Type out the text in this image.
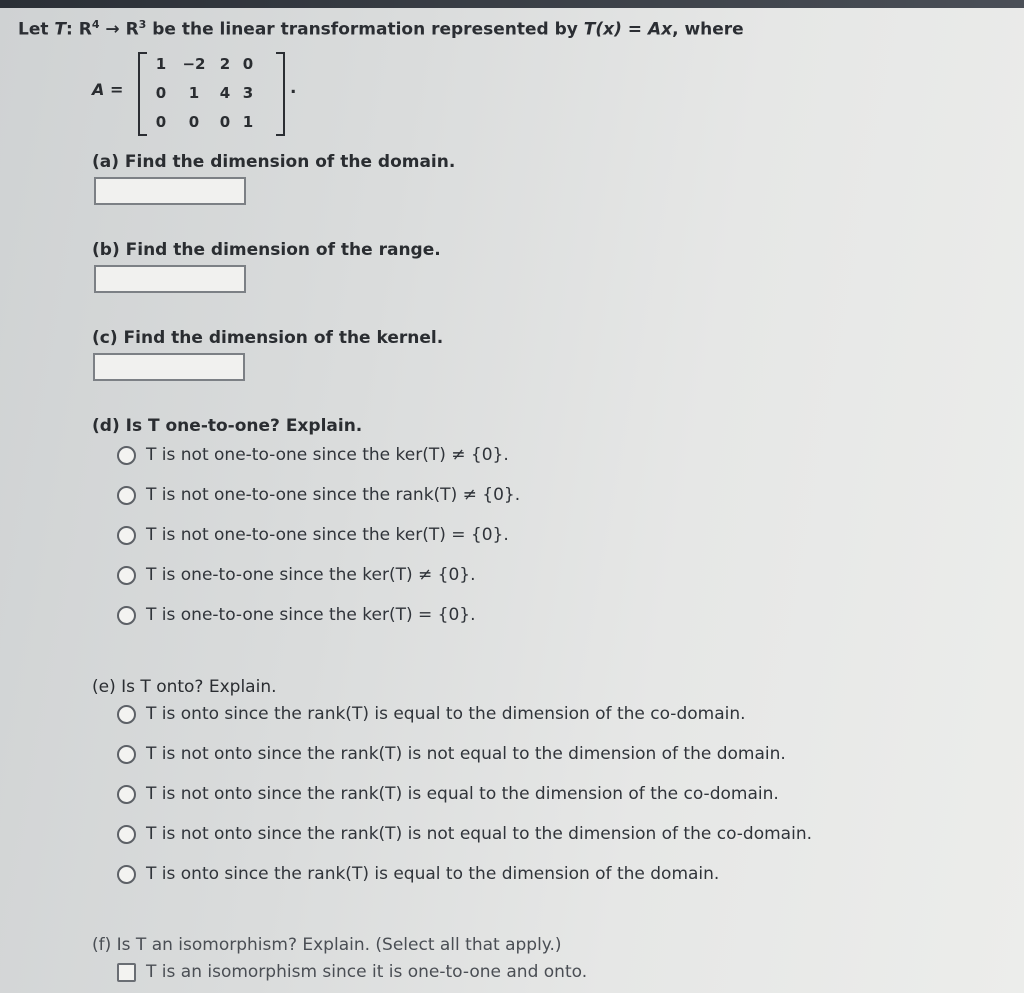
Let T: $R^4 \to R^3$ be the linear transformation represented by T(x) = Ax, where
A =
1	−2 2 0
0	1	4 3
0	0	0 1
.
(a) Find the dimension of the domain.
(b) Find the dimension of the range.
(c) Find the dimension of the kernel.
(d) Is T one-to-one? Explain.
T is not one-to-one since the ker(T) ≠ {0}.
T is not one-to-one since the rank(T) ≠ {0}.
T is not one-to-one since the ker(T) = {0}.
T is one-to-one since the ker(T) ≠ {0}.
T is one-to-one since the ker(T) = {0}.
(e) Is T onto? Explain.
T is onto since the rank(T) is equal to the dimension of the co-domain.
T is not onto since the rank(T) is not equal to the dimension of the domain.
T is not onto since the rank(T) is equal to the dimension of the co-domain.
T is not onto since the rank(T) is not equal to the dimension of the co-domain.
T is onto since the rank(T) is equal to the dimension of the domain.
(f) Is T an isomorphism? Explain. (Select all that apply.)
T is an isomorphism since it is one-to-one and onto.
